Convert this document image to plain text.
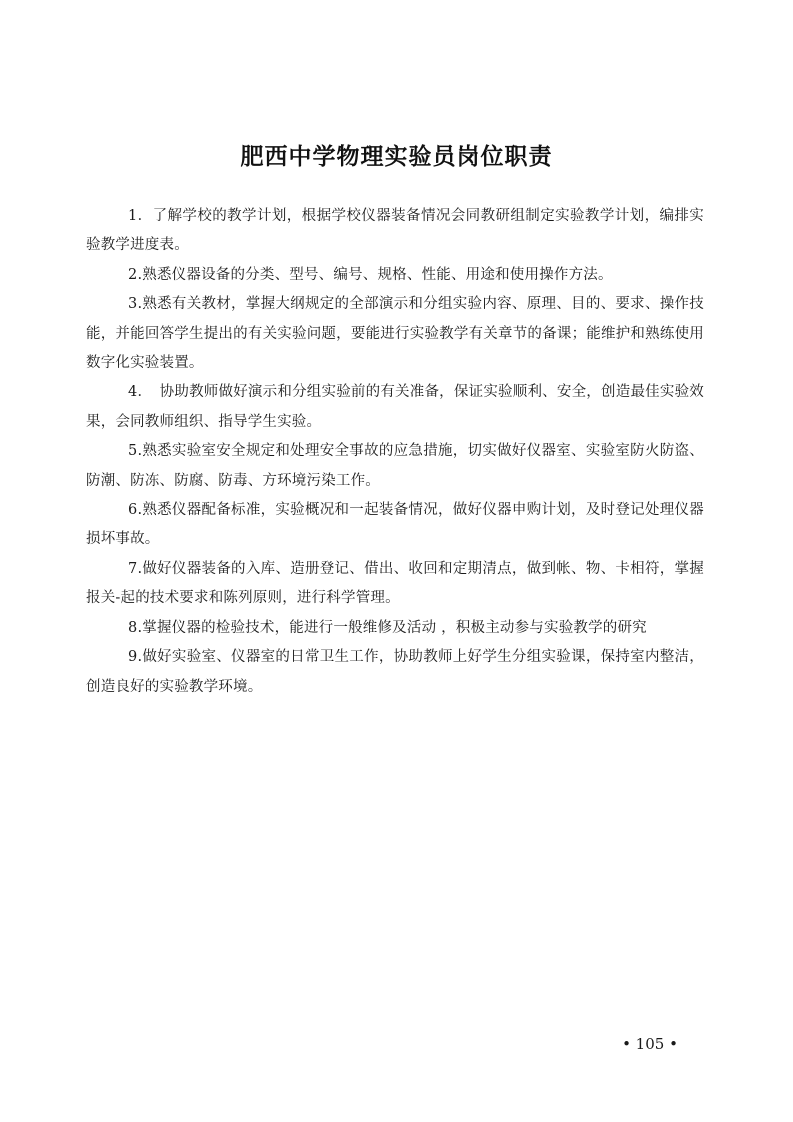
肥西中学物理实验员岗位职责

1．了解学校的教学计划，根据学校仪器装备情况会同教研组制定实验教学计划，编排实验教学进度表。

2.熟悉仪器设备的分类、型号、编号、规格、性能、用途和使用操作方法。

3.熟悉有关教材，掌握大纲规定的全部演示和分组实验内容、原理、目的、要求、操作技能，并能回答学生提出的有关实验问题，要能进行实验教学有关章节的备课；能维护和熟练使用数字化实验装置。

4．　协助教师做好演示和分组实验前的有关准备，保证实验顺利、安全，创造最佳实验效果，会同教师组织、指导学生实验。

5.熟悉实验室安全规定和处理安全事故的应急措施，切实做好仪器室、实验室防火防盗、防潮、防冻、防腐、防毒、方环境污染工作。

6.熟悉仪器配备标准，实验概况和一起装备情况，做好仪器申购计划，及时登记处理仪器损坏事故。

7.做好仪器装备的入库、造册登记、借出、收回和定期清点，做到帐、物、卡相符，掌握报关-起的技术要求和陈列原则，进行科学管理。

8.掌握仪器的检验技术，能进行一般维修及活动 ，积极主动参与实验教学的研究

9.做好实验室、仪器室的日常卫生工作，协助教师上好学生分组实验课，保持室内整洁，创造良好的实验教学环境。

• 105 •
